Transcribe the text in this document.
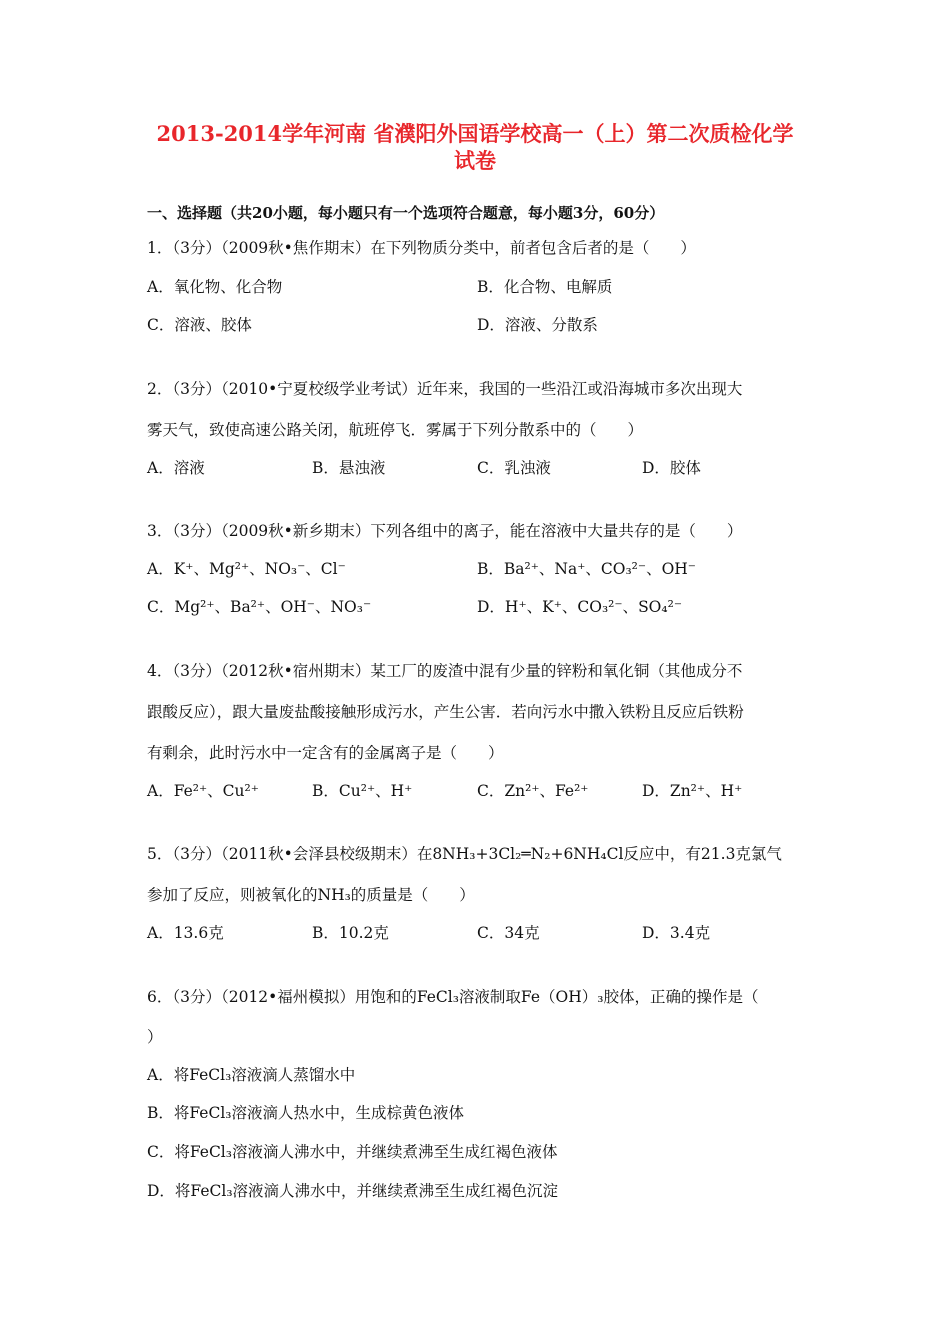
2013-2014学年河南 省濮阳外国语学校高一（上）第二次质检化学
试卷
一、选择题（共20小题，每小题只有一个选项符合题意，每小题3分，60分）
1．（3分）（2009秋•焦作期末）在下列物质分类中，前者包含后者的是（　　）
A．氧化物、化合物	B．化合物、电解质
C．溶液、胶体	D．溶液、分散系
2．（3分）（2010•宁夏校级学业考试）近年来，我国的一些沿江或沿海城市多次出现大
雾天气，致使高速公路关闭，航班停飞．雾属于下列分散系中的（　　）
A．溶液	B．悬浊液	C．乳浊液	D．胶体
3．（3分）（2009秋•新乡期末）下列各组中的离子，能在溶液中大量共存的是（　　）
A．K⁺、Mg²⁺、NO₃⁻、Cl⁻	B．Ba²⁺、Na⁺、CO₃²⁻、OH⁻
C．Mg²⁺、Ba²⁺、OH⁻、NO₃⁻	D．H⁺、K⁺、CO₃²⁻、SO₄²⁻
4．（3分）（2012秋•宿州期末）某工厂的废渣中混有少量的锌粉和氧化铜（其他成分不
跟酸反应），跟大量废盐酸接触形成污水，产生公害．若向污水中撒入铁粉且反应后铁粉
有剩余，此时污水中一定含有的金属离子是（　　）
A．Fe²⁺、Cu²⁺	B．Cu²⁺、H⁺	C．Zn²⁺、Fe²⁺	D．Zn²⁺、H⁺
5．（3分）（2011秋•会泽县校级期末）在8NH₃+3Cl₂═N₂+6NH₄Cl反应中，有21.3克氯气
参加了反应，则被氧化的NH₃的质量是（　　）
A．13.6克	B．10.2克	C．34克	D．3.4克
6．（3分）（2012•福州模拟）用饱和的FeCl₃溶液制取Fe（OH）₃胶体，正确的操作是（
）
A．将FeCl₃溶液滴人蒸馏水中
B．将FeCl₃溶液滴人热水中，生成棕黄色液体
C．将FeCl₃溶液滴人沸水中，并继续煮沸至生成红褐色液体
D．将FeCl₃溶液滴人沸水中，并继续煮沸至生成红褐色沉淀
